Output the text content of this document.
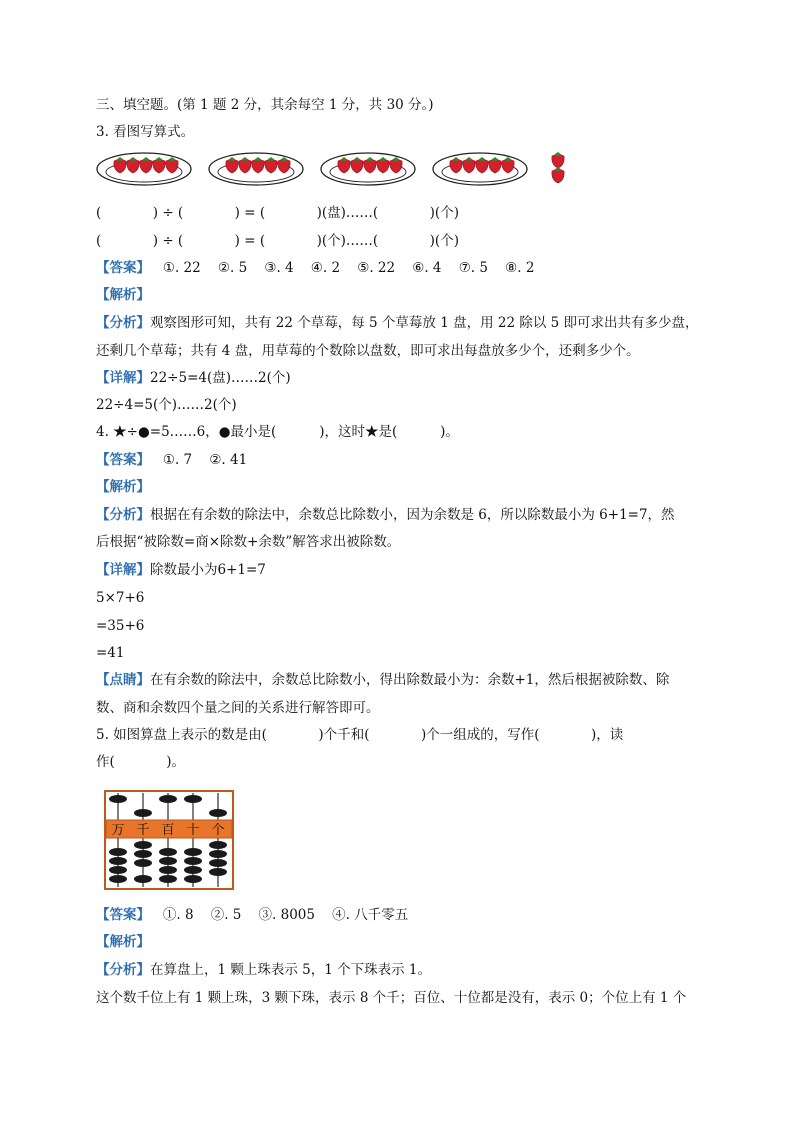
三、填空题。(第 1 题 2 分，其余每空 1 分，共 30 分。)
3. 看图写算式。
(            ) ÷ (            ) = (            )(盘)……(            )(个)
(            ) ÷ (            ) = (            )(个)……(            )(个)
【答案】 ①. 22    ②. 5    ③. 4    ④. 2    ⑤. 22    ⑥. 4    ⑦. 5    ⑧. 2
【解析】
【分析】观察图形可知，共有 22 个草莓，每 5 个草莓放 1 盘，用 22 除以 5 即可求出共有多少盘，
还剩几个草莓；共有 4 盘，用草莓的个数除以盘数，即可求出每盘放多少个，还剩多少个。
【详解】22÷5=4(盘)……2(个)
22÷4=5(个)……2(个)
4. ★÷●=5……6，●最小是(          )，这时★是(          )。
【答案】 ①. 7    ②. 41
【解析】
【分析】根据在有余数的除法中，余数总比除数小，因为余数是 6，所以除数最小为 6+1=7，然
后根据“被除数=商×除数+余数”解答求出被除数。
【详解】除数最小为6+1=7
5×7+6
=35+6
=41
【点睛】在有余数的除法中，余数总比除数小，得出除数最小为：余数+1，然后根据被除数、除
数、商和余数四个量之间的关系进行解答即可。
5. 如图算盘上表示的数是由(            )个千和(            )个一组成的，写作(            )，读
作(            )。
万 千 百 十 个
【答案】 ①. 8    ②. 5    ③. 8005    ④. 八千零五
【解析】
【分析】在算盘上，1 颗上珠表示 5，1 个下珠表示 1。
这个数千位上有 1 颗上珠，3 颗下珠，表示 8 个千；百位、十位都是没有，表示 0；个位上有 1 个
